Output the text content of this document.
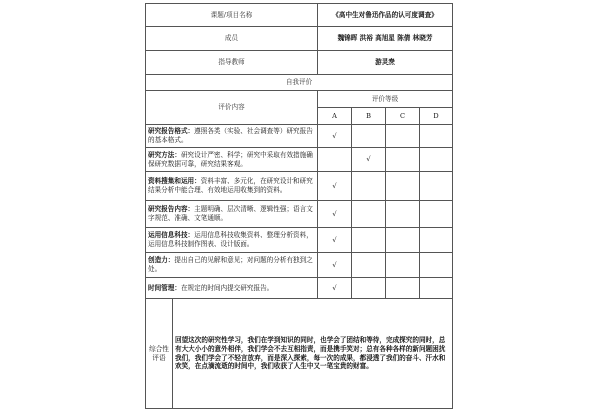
课题/项目名称		《高中生对鲁迅作品的认可度调查》			
成员		魏锦晖 洪裕 高旭星 陈倩 林晓芳			
指导教师		游灵焘			
自我评价					
评价内容		评价等级			
		A	B	C	D
研究报告格式：遵照各类（实验、社会调查等）研究报告的基本格式。		√			
研究方法：研究设计严密、科学；研究中采取有效措施确保研究数据可靠，研究结果客观。			√		
资料搜集和运用：资料丰富、多元化，在研究设计和研究结果分析中能合理、有效地运用收集到的资料。		√			
研究报告内容：主题明确、层次清晰、逻辑性强；语言文字规范、准确、文笔通顺。		√			
运用信息科技：运用信息科技收集资料、整理分析资料，运用信息科技制作图表、设计版面。		√			
创造力：提出自己的见解和意见；对问题的分析有独到之处。		√			
时间管理：在规定的时间内提交研究报告。		√			

综合性
评语	回望这次的研究性学习，我们在学到知识的同时，也学会了团结和等待，完成探究的同时，总有大大小小的意外相伴，我们学会不去互相指责，而是携手笑对；总有各种各样的新问题困扰我们，我们学会了不轻言放弃，而是深入探索，每一次的成果，都浸透了我们的奋斗、汗水和欢笑，在点滴流逝的时间中，我们收获了人生中又一笔宝贵的财富。				
